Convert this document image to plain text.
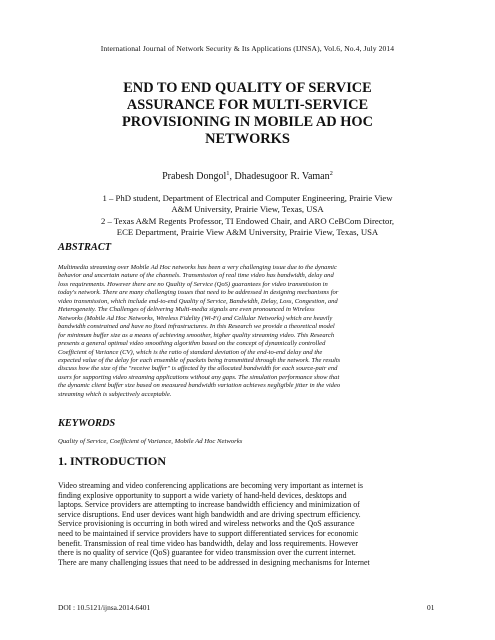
International Journal of Network Security & Its Applications (IJNSA), Vol.6, No.4, July 2014
END TO END QUALITY OF SERVICE
ASSURANCE FOR MULTI-SERVICE
PROVISIONING IN MOBILE AD HOC
NETWORKS
Prabesh Dongol$^1$, Dhadesugoor R. Vaman$^2$
1 – PhD student, Department of Electrical and Computer Engineering, Prairie View
A&M University, Prairie View, Texas, USA
2 – Texas A&M Regents Professor, TI Endowed Chair, and ARO CeBCom Director,
ECE Department, Prairie View A&M University, Prairie View, Texas, USA
ABSTRACT
Multimedia streaming over Mobile Ad Hoc networks has been a very challenging issue due to the dynamic
behavior and uncertain nature of the channels. Transmission of real time video has bandwidth, delay and
loss requirements. However there are no Quality of Service (QoS) guarantees for video transmission in
today's network. There are many challenging issues that need to be addressed in designing mechanisms for
video transmission, which include end-to-end Quality of Service, Bandwidth, Delay, Loss, Congestion, and
Heterogeneity. The Challenges of delivering Multi-media signals are even pronounced in Wireless
Networks (Mobile Ad Hoc Networks, Wireless Fidelity (Wi-Fi) and Cellular Networks) which are heavily
bandwidth constrained and have no fixed infrastructures. In this Research we provide a theoretical model
for minimum buffer size as a means of achieving smoother, higher quality streaming video. This Research
presents a general optimal video smoothing algorithm based on the concept of dynamically controlled
Coefficient of Variance (CV), which is the ratio of standard deviation of the end-to-end delay and the
expected value of the delay for each ensemble of packets being transmitted through the network. The results
discuss how the size of the "receive buffer" is affected by the allocated bandwidth for each source-pair end
users for supporting video streaming applications without any gaps. The simulation performance show that
the dynamic client buffer size based on measured bandwidth variation achieves negligible jitter in the video
streaming which is subjectively acceptable.
KEYWORDS
Quality of Service, Coefficient of Variance, Mobile Ad Hoc Networks
1. INTRODUCTION
Video streaming and video conferencing applications are becoming very important as internet is
finding explosive opportunity to support a wide variety of hand-held devices, desktops and
laptops. Service providers are attempting to increase bandwidth efficiency and minimization of
service disruptions. End user devices want high bandwidth and are driving spectrum efficiency.
Service provisioning is occurring in both wired and wireless networks and the QoS assurance
need to be maintained if service providers have to support differentiated services for economic
benefit. Transmission of real time video has bandwidth, delay and loss requirements. However
there is no quality of service (QoS) guarantee for video transmission over the current internet.
There are many challenging issues that need to be addressed in designing mechanisms for Internet
DOI : 10.5121/ijnsa.2014.6401	01
